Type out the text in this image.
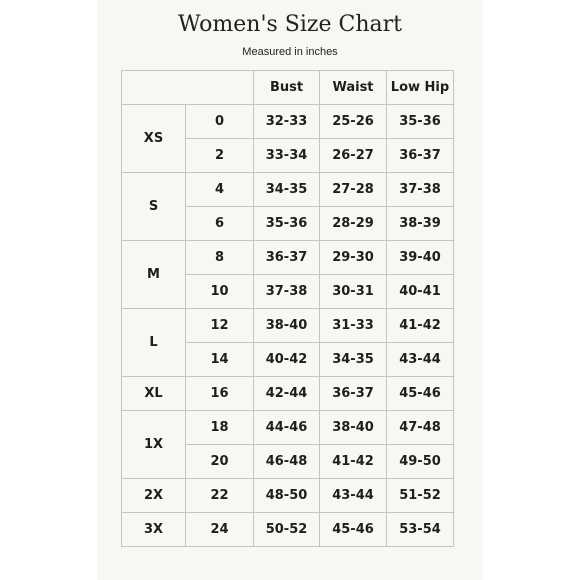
Women's Size Chart
Measured in inches
		Bust	Waist	Low Hip
XS	0	32-33	25-26	35-36
	2	33-34	26-27	36-37
S	4	34-35	27-28	37-38
	6	35-36	28-29	38-39
M	8	36-37	29-30	39-40
	10	37-38	30-31	40-41
L	12	38-40	31-33	41-42
	14	40-42	34-35	43-44
XL	16	42-44	36-37	45-46
1X	18	44-46	38-40	47-48
	20	46-48	41-42	49-50
2X	22	48-50	43-44	51-52
3X	24	50-52	45-46	53-54
